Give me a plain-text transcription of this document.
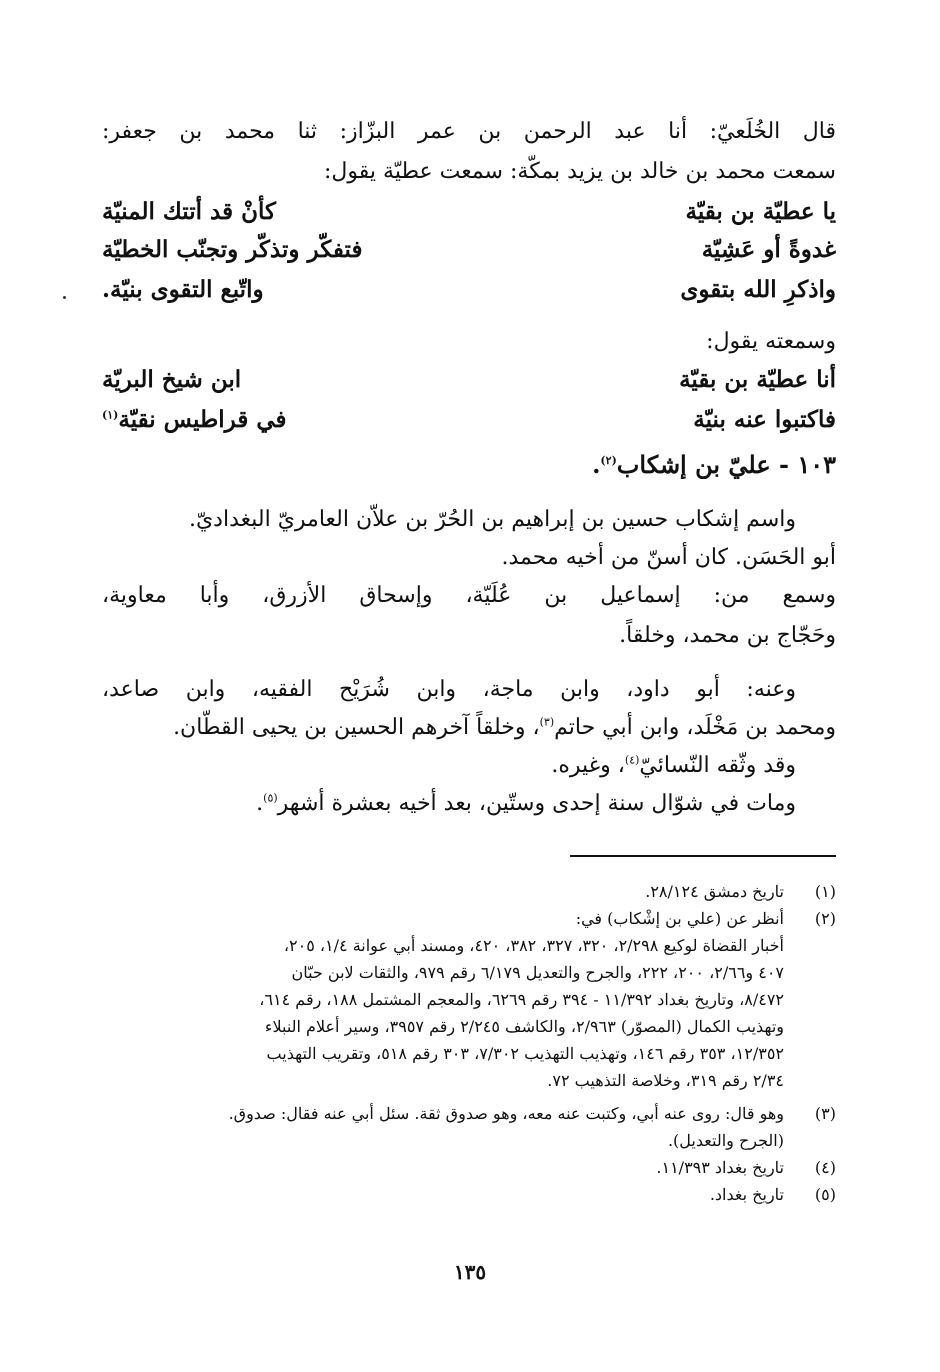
قال الخُلَعيّ: أنا عبد الرحمن بن عمر البزّاز: ثنا محمد بن جعفر:
سمعت محمد بن خالد بن يزيد بمكّة: سمعت عطيّة يقول:
يا عطيّة بن بقيّة
كأنْ قد أتتك المنيّة
غدوةً أو عَشِيّة
فتفكّر وتذكّر وتجنّب الخطيّة
واذكرِ الله بتقوى
واتّبع التقوى بنيّة.
وسمعته يقول:
أنا عطيّة بن بقيّة
ابن شيخ البريّة
فاكتبوا عنه بنيّة
في قراطيس نقيّة$^{(١)}$
١٠٣ - عليّ بن إشكاب$^{(٢)}$.
واسم إشكاب حسين بن إبراهيم بن الحُرّ بن علاّن العامريّ البغداديّ.
أبو الحَسَن. كان أسنّ من أخيه محمد.
وسمع من: إسماعيل بن عُلَيّة، وإسحاق الأزرق، وأبا معاوية،
وحَجّاج بن محمد، وخلقاً.
وعنه: أبو داود، وابن ماجة، وابن شُرَيْح الفقيه، وابن صاعد،
ومحمد بن مَخْلَد، وابن أبي حاتم$^{(٣)}$، وخلقاً آخرهم الحسين بن يحيى القطّان.
وقد وثّقه النّسائيّ$^{(٤)}$، وغيره.
ومات في شوّال سنة إحدى وستّين، بعد أخيه بعشرة أشهر$^{(٥)}$.
(١)
تاريخ دمشق ٢٨/١٢٤.
(٢)
أنظر عن (علي بن إشْكاب) في:
أخبار القضاة لوكيع ٢/٢٩٨، ٣٢٠، ٣٢٧، ٣٨٢، ٤٢٠، ومسند أبي عوانة ١/٤، ٢٠٥،
٤٠٧ و٢/٦٦، ٢٠٠، ٢٢٢، والجرح والتعديل ٦/١٧٩ رقم ٩٧٩، والثقات لابن حبّان
٨/٤٧٢، وتاريخ بغداد ١١/٣٩٢ - ٣٩٤ رقم ٦٢٦٩، والمعجم المشتمل ١٨٨، رقم ٦١٤،
وتهذيب الكمال (المصوّر) ٢/٩٦٣، والكاشف ٢/٢٤٥ رقم ٣٩٥٧، وسير أعلام النبلاء
١٢/٣٥٢، ٣٥٣ رقم ١٤٦، وتهذيب التهذيب ٧/٣٠٢، ٣٠٣ رقم ٥١٨، وتقريب التهذيب
٢/٣٤ رقم ٣١٩، وخلاصة التذهيب ٧٢.
(٣)
وهو قال: روى عنه أبي، وكتبت عنه معه، وهو صدوق ثقة. سئل أبي عنه فقال: صدوق.
(الجرح والتعديل).
(٤)
تاريخ بغداد ١١/٣٩٣.
(٥)
تاريخ بغداد.
١٣٥
